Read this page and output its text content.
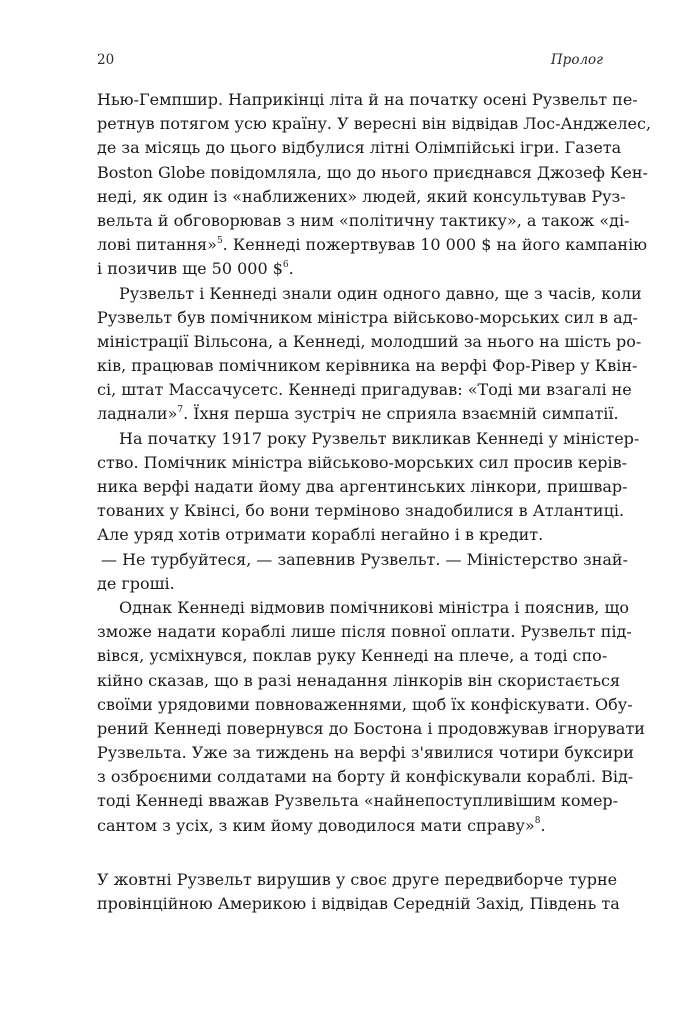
20	Пролог
Нью-Гемпшир. Наприкінці літа й на початку осені Рузвельт пе-
ретнув потягом усю країну. У вересні він відвідав Лос-Анджелес,
де за місяць до цього відбулися літні Олімпійські ігри. Газета
Boston Globe повідомляла, що до нього приєднався Джозеф Кен-
неді, як один із «наближених» людей, який консультував Руз-
вельта й обговорював з ним «політичну тактику», а також «ді-
лові питання»$^5$. Кеннеді пожертвував 10 000 $ на його кампанію
і позичив ще 50 000 \$$^6$.
Рузвельт і Кеннеді знали один одного давно, ще з часів, коли
Рузвельт був помічником міністра військово-морських сил в ад-
міністрації Вільсона, а Кеннеді, молодший за нього на шість ро-
ків, працював помічником керівника на верфі Фор-Рівер у Квін-
сі, штат Массачусетс. Кеннеді пригадував: «Тоді ми взагалі не
ладнали»$^7$. Їхня перша зустріч не сприяла взаємній симпатії.
На початку 1917 року Рузвельт викликав Кеннеді у міністер-
ство. Помічник міністра військово-морських сил просив керів-
ника верфі надати йому два аргентинських лінкори, пришвар-
тованих у Квінсі, бо вони терміново знадобилися в Атлантиці.
Але уряд хотів отримати кораблі негайно і в кредит.
— Не турбуйтеся, — запевнив Рузвельт. — Міністерство знай-
де гроші.
Однак Кеннеді відмовив помічникові міністра і пояснив, що
зможе надати кораблі лише після повної оплати. Рузвельт під-
вівся, усміхнувся, поклав руку Кеннеді на плече, а тоді спо-
кійно сказав, що в разі ненадання лінкорів він скористається
своїми урядовими повноваженнями, щоб їх конфіскувати. Обу-
рений Кеннеді повернувся до Бостона і продовжував ігнорувати
Рузвельта. Уже за тиждень на верфі з'явилися чотири буксири
з озброєними солдатами на борту й конфіскували кораблі. Від-
тоді Кеннеді вважав Рузвельта «найнепоступливішим комер-
сантом з усіх, з ким йому доводилося мати справу»$^8$.
У жовтні Рузвельт вирушив у своє друге передвиборче турне
провінційною Америкою і відвідав Середній Захід, Південь та
